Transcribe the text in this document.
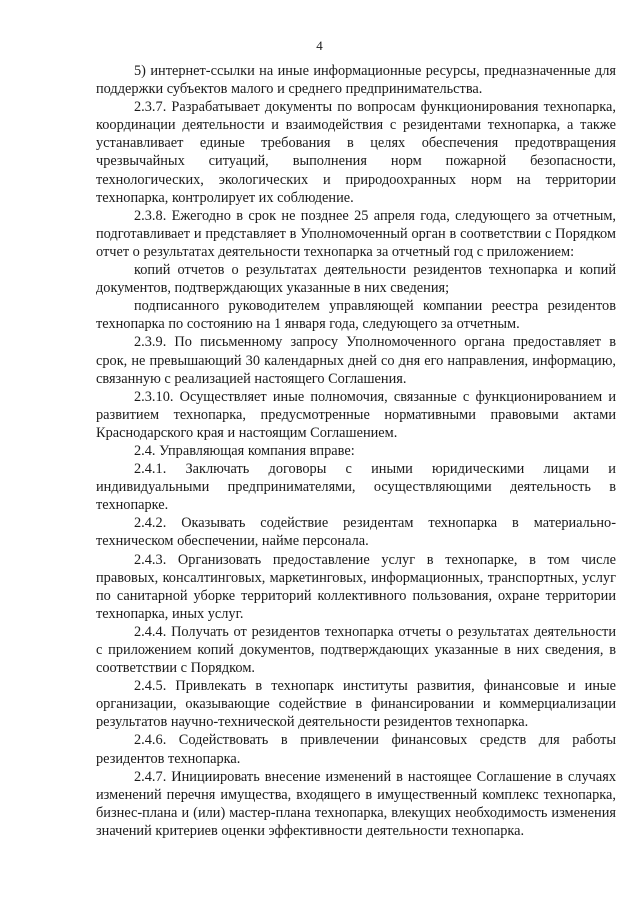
4

5) интернет-ссылки на иные информационные ресурсы, предназначенные для поддержки субъектов малого и среднего предпринимательства.

2.3.7. Разрабатывает документы по вопросам функционирования технопарка, координации деятельности и взаимодействия с резидентами технопарка, а также устанавливает единые требования в целях обеспечения предотвращения чрезвычайных ситуаций, выполнения норм пожарной безопасности, технологических, экологических и природоохранных норм на территории технопарка, контролирует их соблюдение.

2.3.8. Ежегодно в срок не позднее 25 апреля года, следующего за отчетным, подготавливает и представляет в Уполномоченный орган в соответствии с Порядком отчет о результатах деятельности технопарка за отчетный год с приложением:

копий отчетов о результатах деятельности резидентов технопарка и копий документов, подтверждающих указанные в них сведения;

подписанного руководителем управляющей компании реестра резидентов технопарка по состоянию на 1 января года, следующего за отчетным.

2.3.9. По письменному запросу Уполномоченного органа предоставляет в срок, не превышающий 30 календарных дней со дня его направления, информацию, связанную с реализацией настоящего Соглашения.

2.3.10. Осуществляет иные полномочия, связанные с функционированием и развитием технопарка, предусмотренные нормативными правовыми актами Краснодарского края и настоящим Соглашением.

2.4. Управляющая компания вправе:

2.4.1. Заключать договоры с иными юридическими лицами и индивидуальными предпринимателями, осуществляющими деятельность в технопарке.

2.4.2. Оказывать содействие резидентам технопарка в материально-техническом обеспечении, найме персонала.

2.4.3. Организовать предоставление услуг в технопарке, в том числе правовых, консалтинговых, маркетинговых, информационных, транспортных, услуг по санитарной уборке территорий коллективного пользования, охране территории технопарка, иных услуг.

2.4.4. Получать от резидентов технопарка отчеты о результатах деятельности с приложением копий документов, подтверждающих указанные в них сведения, в соответствии с Порядком.

2.4.5. Привлекать в технопарк институты развития, финансовые и иные организации, оказывающие содействие в финансировании и коммерциализации результатов научно-технической деятельности резидентов технопарка.

2.4.6. Содействовать в привлечении финансовых средств для работы резидентов технопарка.

2.4.7. Инициировать внесение изменений в настоящее Соглашение в случаях изменений перечня имущества, входящего в имущественный комплекс технопарка, бизнес-плана и (или) мастер-плана технопарка, влекущих необходимость изменения значений критериев оценки эффективности деятельности технопарка.
